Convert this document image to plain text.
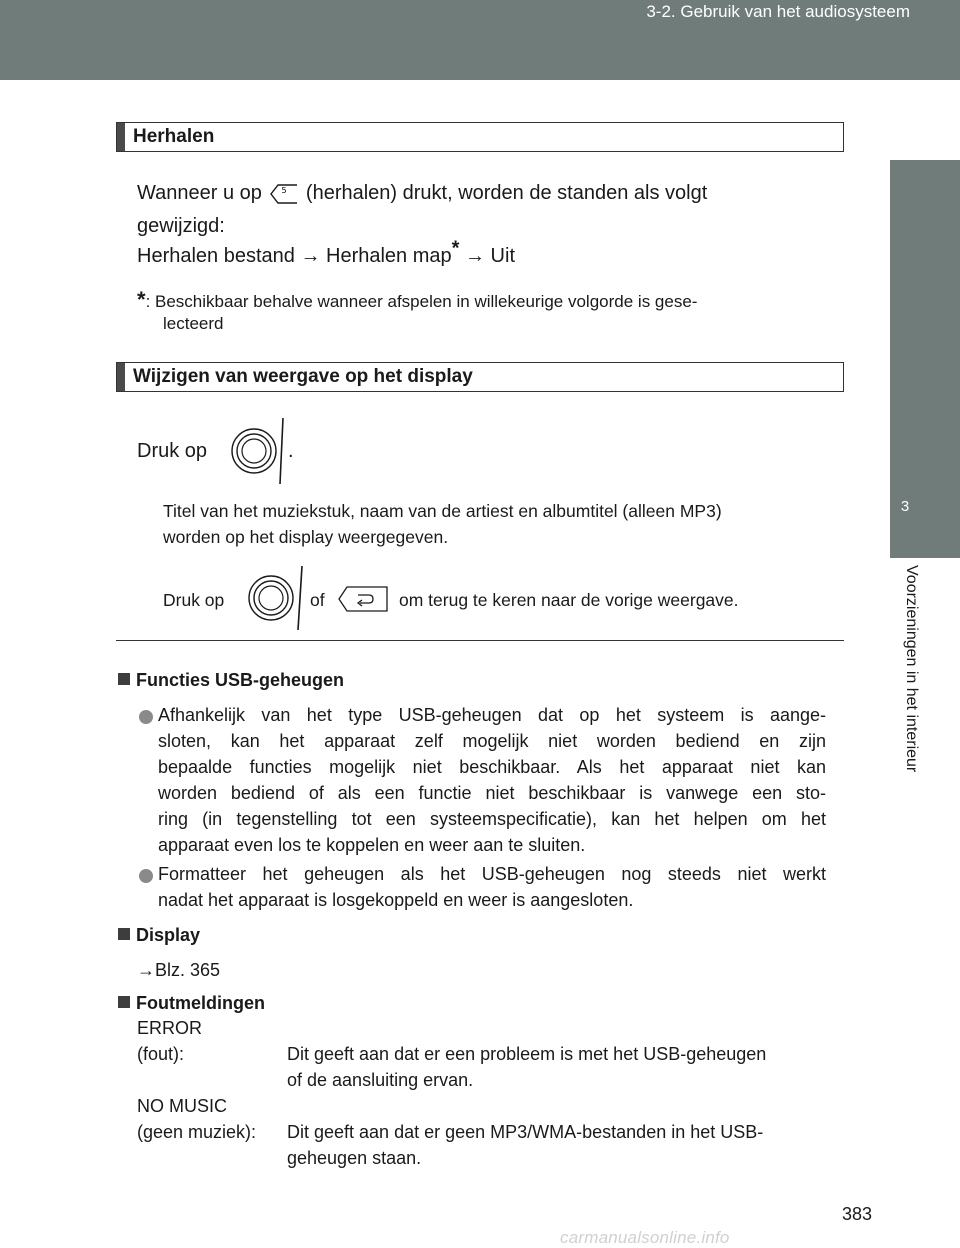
3-2. Gebruik van het audiosysteem
3
Voorzieningen in het interieur
Herhalen
Wanneer u op 5 (herhalen) drukt, worden de standen als volgt
gewijzigd:
Herhalen bestand → Herhalen map* → Uit
*: Beschikbaar behalve wanneer afspelen in willekeurige volgorde is gese-
lecteerd
Wijzigen van weergave op het display
Druk op	.
Titel van het muziekstuk, naam van de artiest en albumtitel (alleen MP3)
worden op het display weergegeven.
Druk op	of	om terug te keren naar de vorige weergave.
Functies USB-geheugen
Afhankelijk van het type USB-geheugen dat op het systeem is aange-
sloten, kan het apparaat zelf mogelijk niet worden bediend en zijn
bepaalde functies mogelijk niet beschikbaar. Als het apparaat niet kan
worden bediend of als een functie niet beschikbaar is vanwege een sto-
ring (in tegenstelling tot een systeemspecificatie), kan het helpen om het
apparaat even los te koppelen en weer aan te sluiten.
Formatteer het geheugen als het USB-geheugen nog steeds niet werkt
nadat het apparaat is losgekoppeld en weer is aangesloten.
Display
→Blz. 365
Foutmeldingen
ERROR
(fout):	Dit geeft aan dat er een probleem is met het USB-geheugen
of de aansluiting ervan.
NO MUSIC
(geen muziek): Dit geeft aan dat er geen MP3/WMA-bestanden in het USB-
geheugen staan.
383
carmanualsonline.info
